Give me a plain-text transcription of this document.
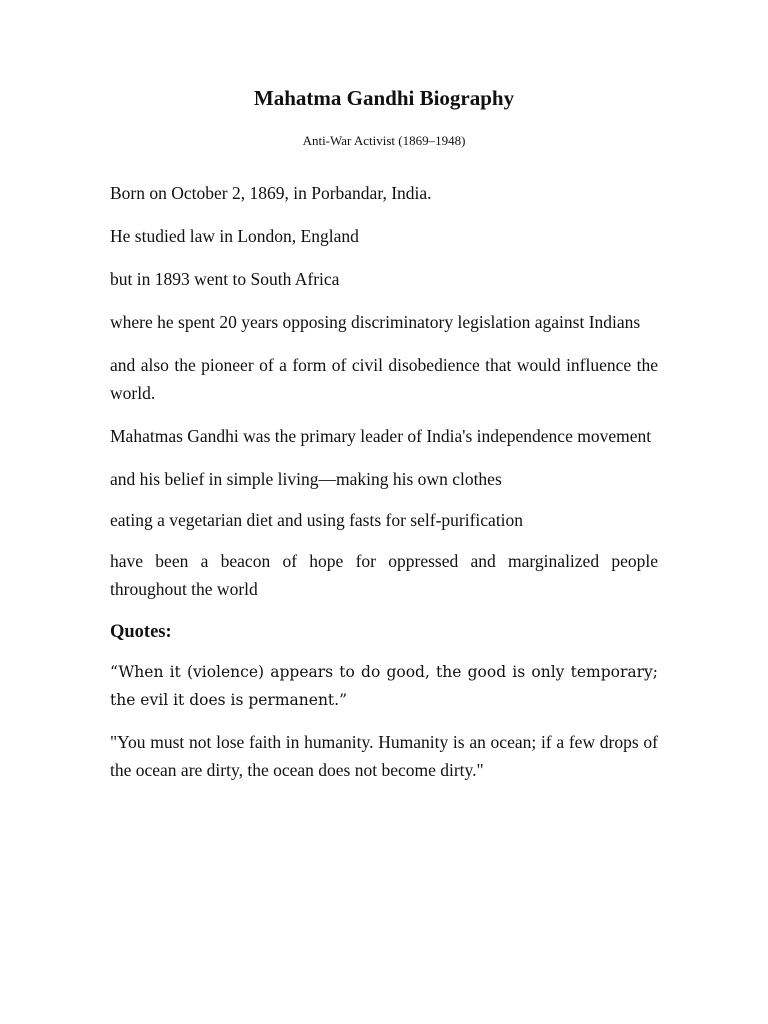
Mahatma Gandhi Biography

Anti-War Activist (1869–1948)

Born on October 2, 1869, in Porbandar, India.

He studied law in London, England

but in 1893 went to South Africa

where he spent 20 years opposing discriminatory legislation against Indians

and also the pioneer of a form of civil disobedience that would influence the world.

Mahatmas Gandhi was the primary leader of India's independence movement

and his belief in simple living—making his own clothes

eating a vegetarian diet and using fasts for self-purification

have been a beacon of hope for oppressed and marginalized people throughout the world

Quotes:

“When it (violence) appears to do good, the good is only temporary; the evil it does is permanent.”

"You must not lose faith in humanity. Humanity is an ocean; if a few drops of the ocean are dirty, the ocean does not become dirty."
